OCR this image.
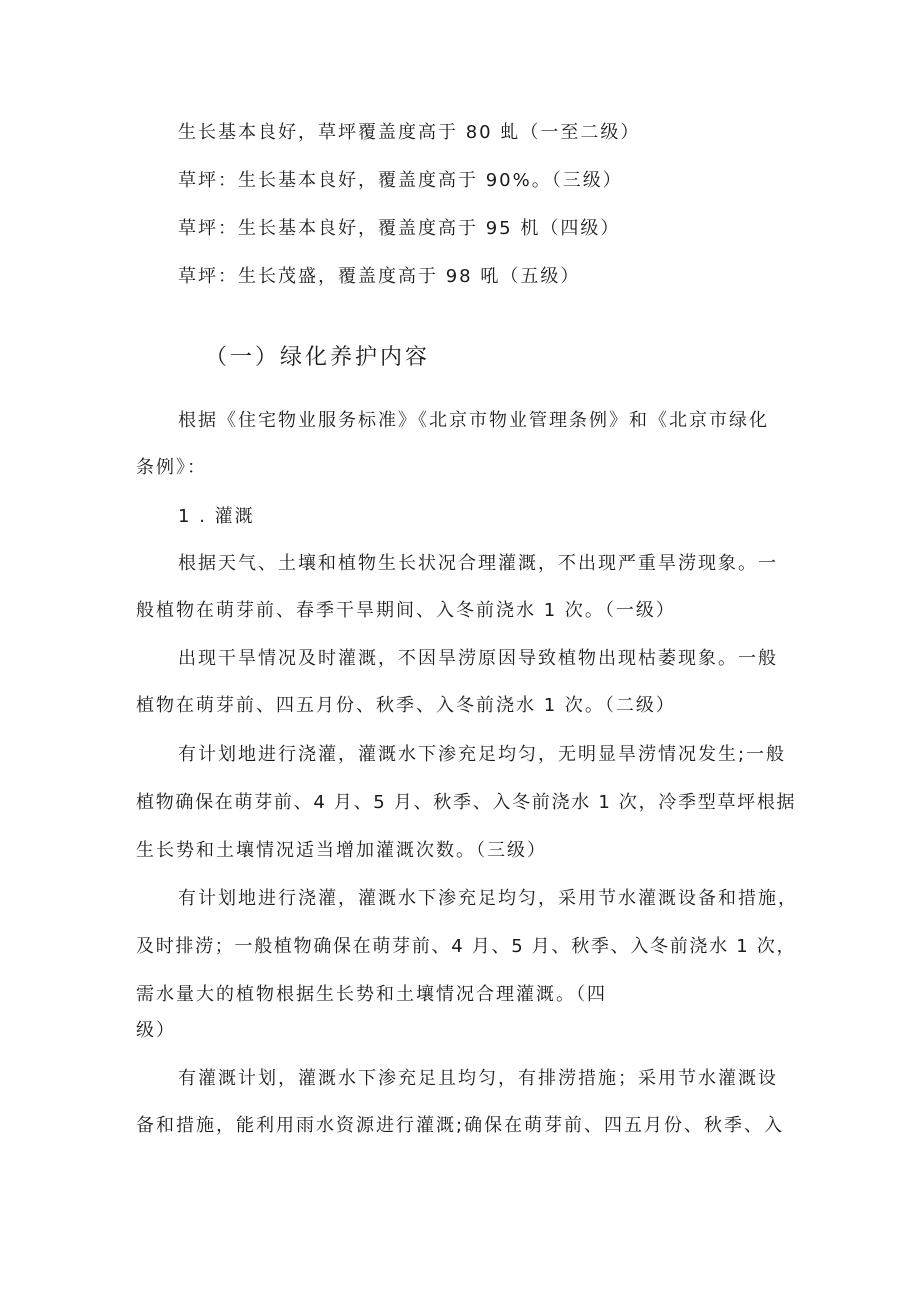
生长基本良好，草坪覆盖度高于 80 虬（一至二级）

草坪：生长基本良好，覆盖度高于 90%。（三级）

草坪：生长基本良好，覆盖度高于 95 机（四级）

草坪：生长茂盛，覆盖度高于 98 吼（五级）

（一）绿化养护内容

根据《住宅物业服务标准》《北京市物业管理条例》和《北京市绿化

条例》：

1 . 灌溉

根据天气、土壤和植物生长状况合理灌溉，不出现严重旱涝现象。一

般植物在萌芽前、春季干旱期间、入冬前浇水 1 次。（一级）

出现干旱情况及时灌溉，不因旱涝原因导致植物出现枯萎现象。一般

植物在萌芽前、四五月份、秋季、入冬前浇水 1 次。（二级）

有计划地进行浇灌，灌溉水下渗充足均匀，无明显旱涝情况发生;一般

植物确保在萌芽前、4 月、5 月、秋季、入冬前浇水 1 次，冷季型草坪根据

生长势和土壤情况适当增加灌溉次数。（三级）

有计划地进行浇灌，灌溉水下渗充足均匀，采用节水灌溉设备和措施，

及时排涝；一般植物确保在萌芽前、4 月、5 月、秋季、入冬前浇水 1 次，

需水量大的植物根据生长势和土壤情况合理灌溉。（四

级）

有灌溉计划，灌溉水下渗充足且均匀，有排涝措施；采用节水灌溉设

备和措施，能利用雨水资源进行灌溉;确保在萌芽前、四五月份、秋季、入
